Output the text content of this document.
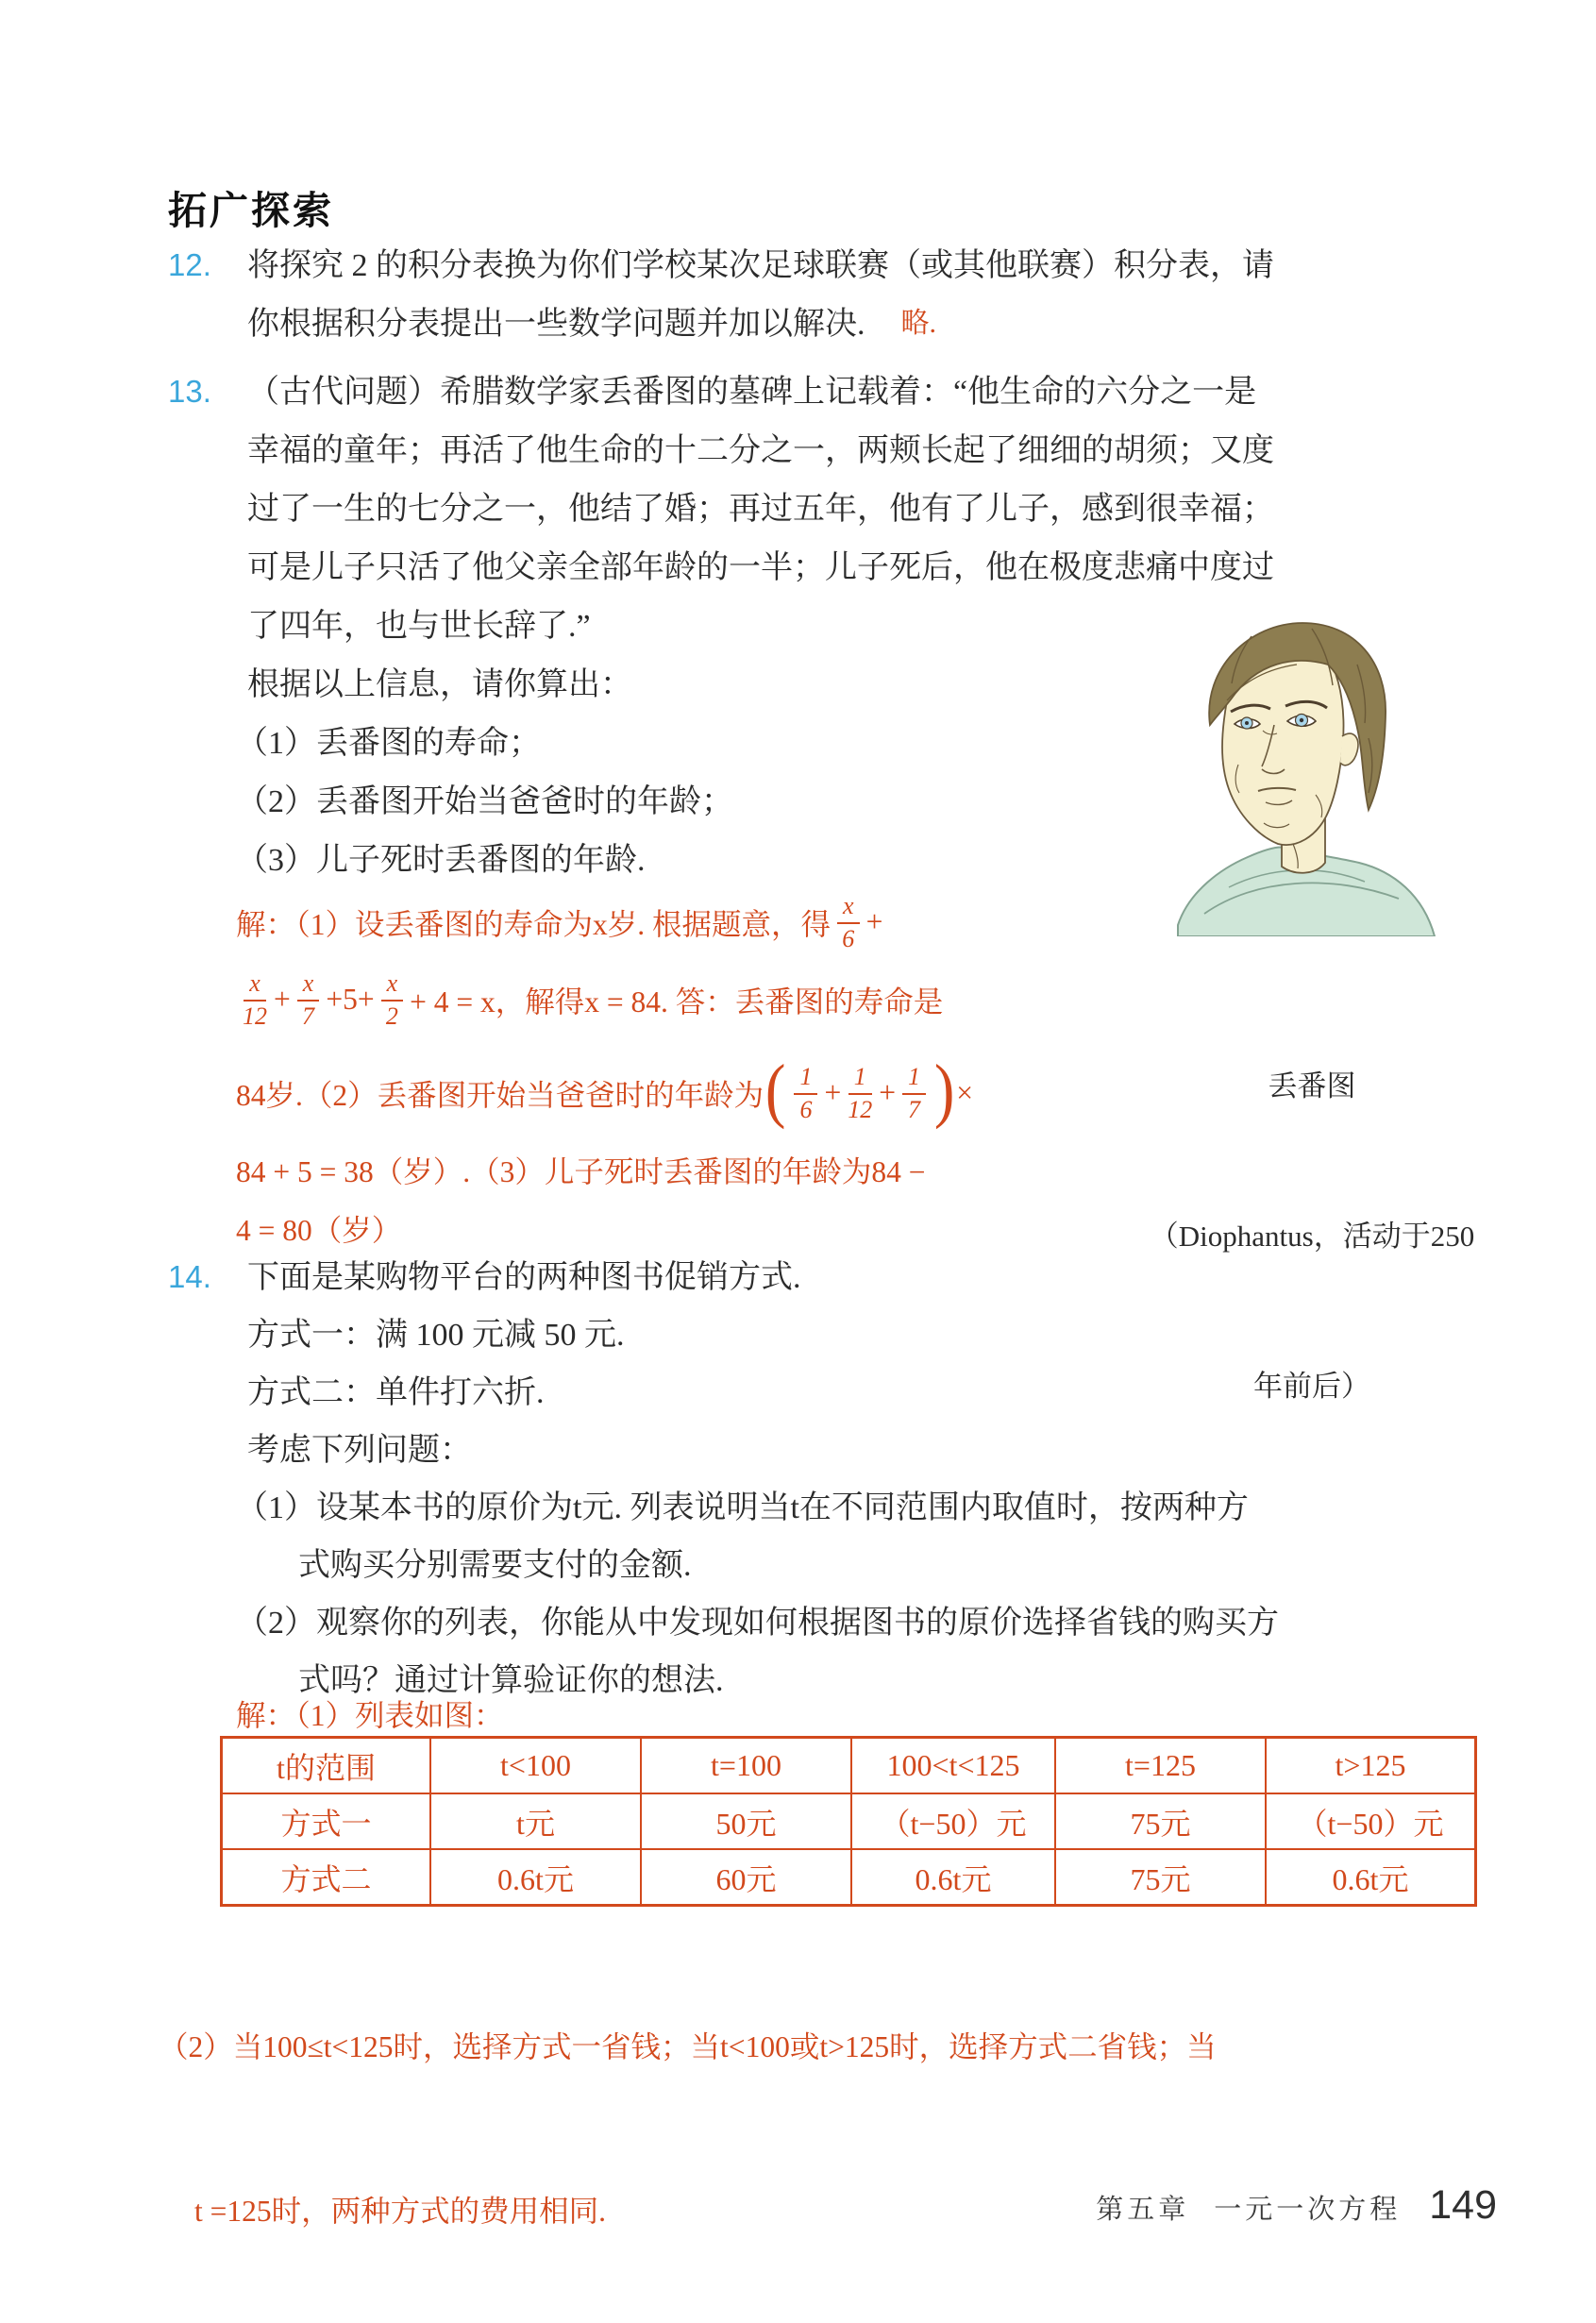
拓广探索
12. 将探究 2 的积分表换为你们学校某次足球联赛（或其他联赛）积分表，请
你根据积分表提出一些数学问题并加以解决. 略.
13. （古代问题）希腊数学家丢番图的墓碑上记载着：“他生命的六分之一是
幸福的童年；再活了他生命的十二分之一，两颊长起了细细的胡须；又度
过了一生的七分之一，他结了婚；再过五年，他有了儿子，感到很幸福；
可是儿子只活了他父亲全部年龄的一半；儿子死后，他在极度悲痛中度过
了四年，也与世长辞了.”
根据以上信息，请你算出：
（1）丢番图的寿命；
（2）丢番图开始当爸爸时的年龄；
（3）儿子死时丢番图的年龄.

丢番图

（Diophantus，活动于250

年前后）

解：（1）设丢番图的寿命为x岁. 根据题意，得 $\frac{x}{6}$ +
$\frac{x}{12} + \frac{x}{7} +5+ \frac{x}{2} + 4 = x$，解得x = 84. 答：丢番图的寿命是
84岁.（2）丢番图开始当爸爸时的年龄为 ( $\frac{1}{6} + \frac{1}{12} + \frac{1}{7}$ ) ×
84 + 5 = 38（岁）.（3）儿子死时丢番图的年龄为84 −
4 = 80（岁）
14. 下面是某购物平台的两种图书促销方式.
方式一：满 100 元减 50 元.
方式二：单件打六折.
考虑下列问题：
（1）设某本书的原价为t元. 列表说明当t在不同范围内取值时，按两种方
式购买分别需要支付的金额.
（2）观察你的列表，你能从中发现如何根据图书的原价选择省钱的购买方
式吗？通过计算验证你的想法.
解：（1）列表如图：
t的范围	t<100	t=100	100<t<125	t=125	t>125
方式一	t元	50元	（t−50）元	75元	（t−50）元
方式二	0.6t元	60元	0.6t元	75元	0.6t元

（2）当100≤t<125时，选择方式一省钱；当t<100或t>125时，选择方式二省钱；当

t =125时，两种方式的费用相同.

	第五章 一元一次方程 149
